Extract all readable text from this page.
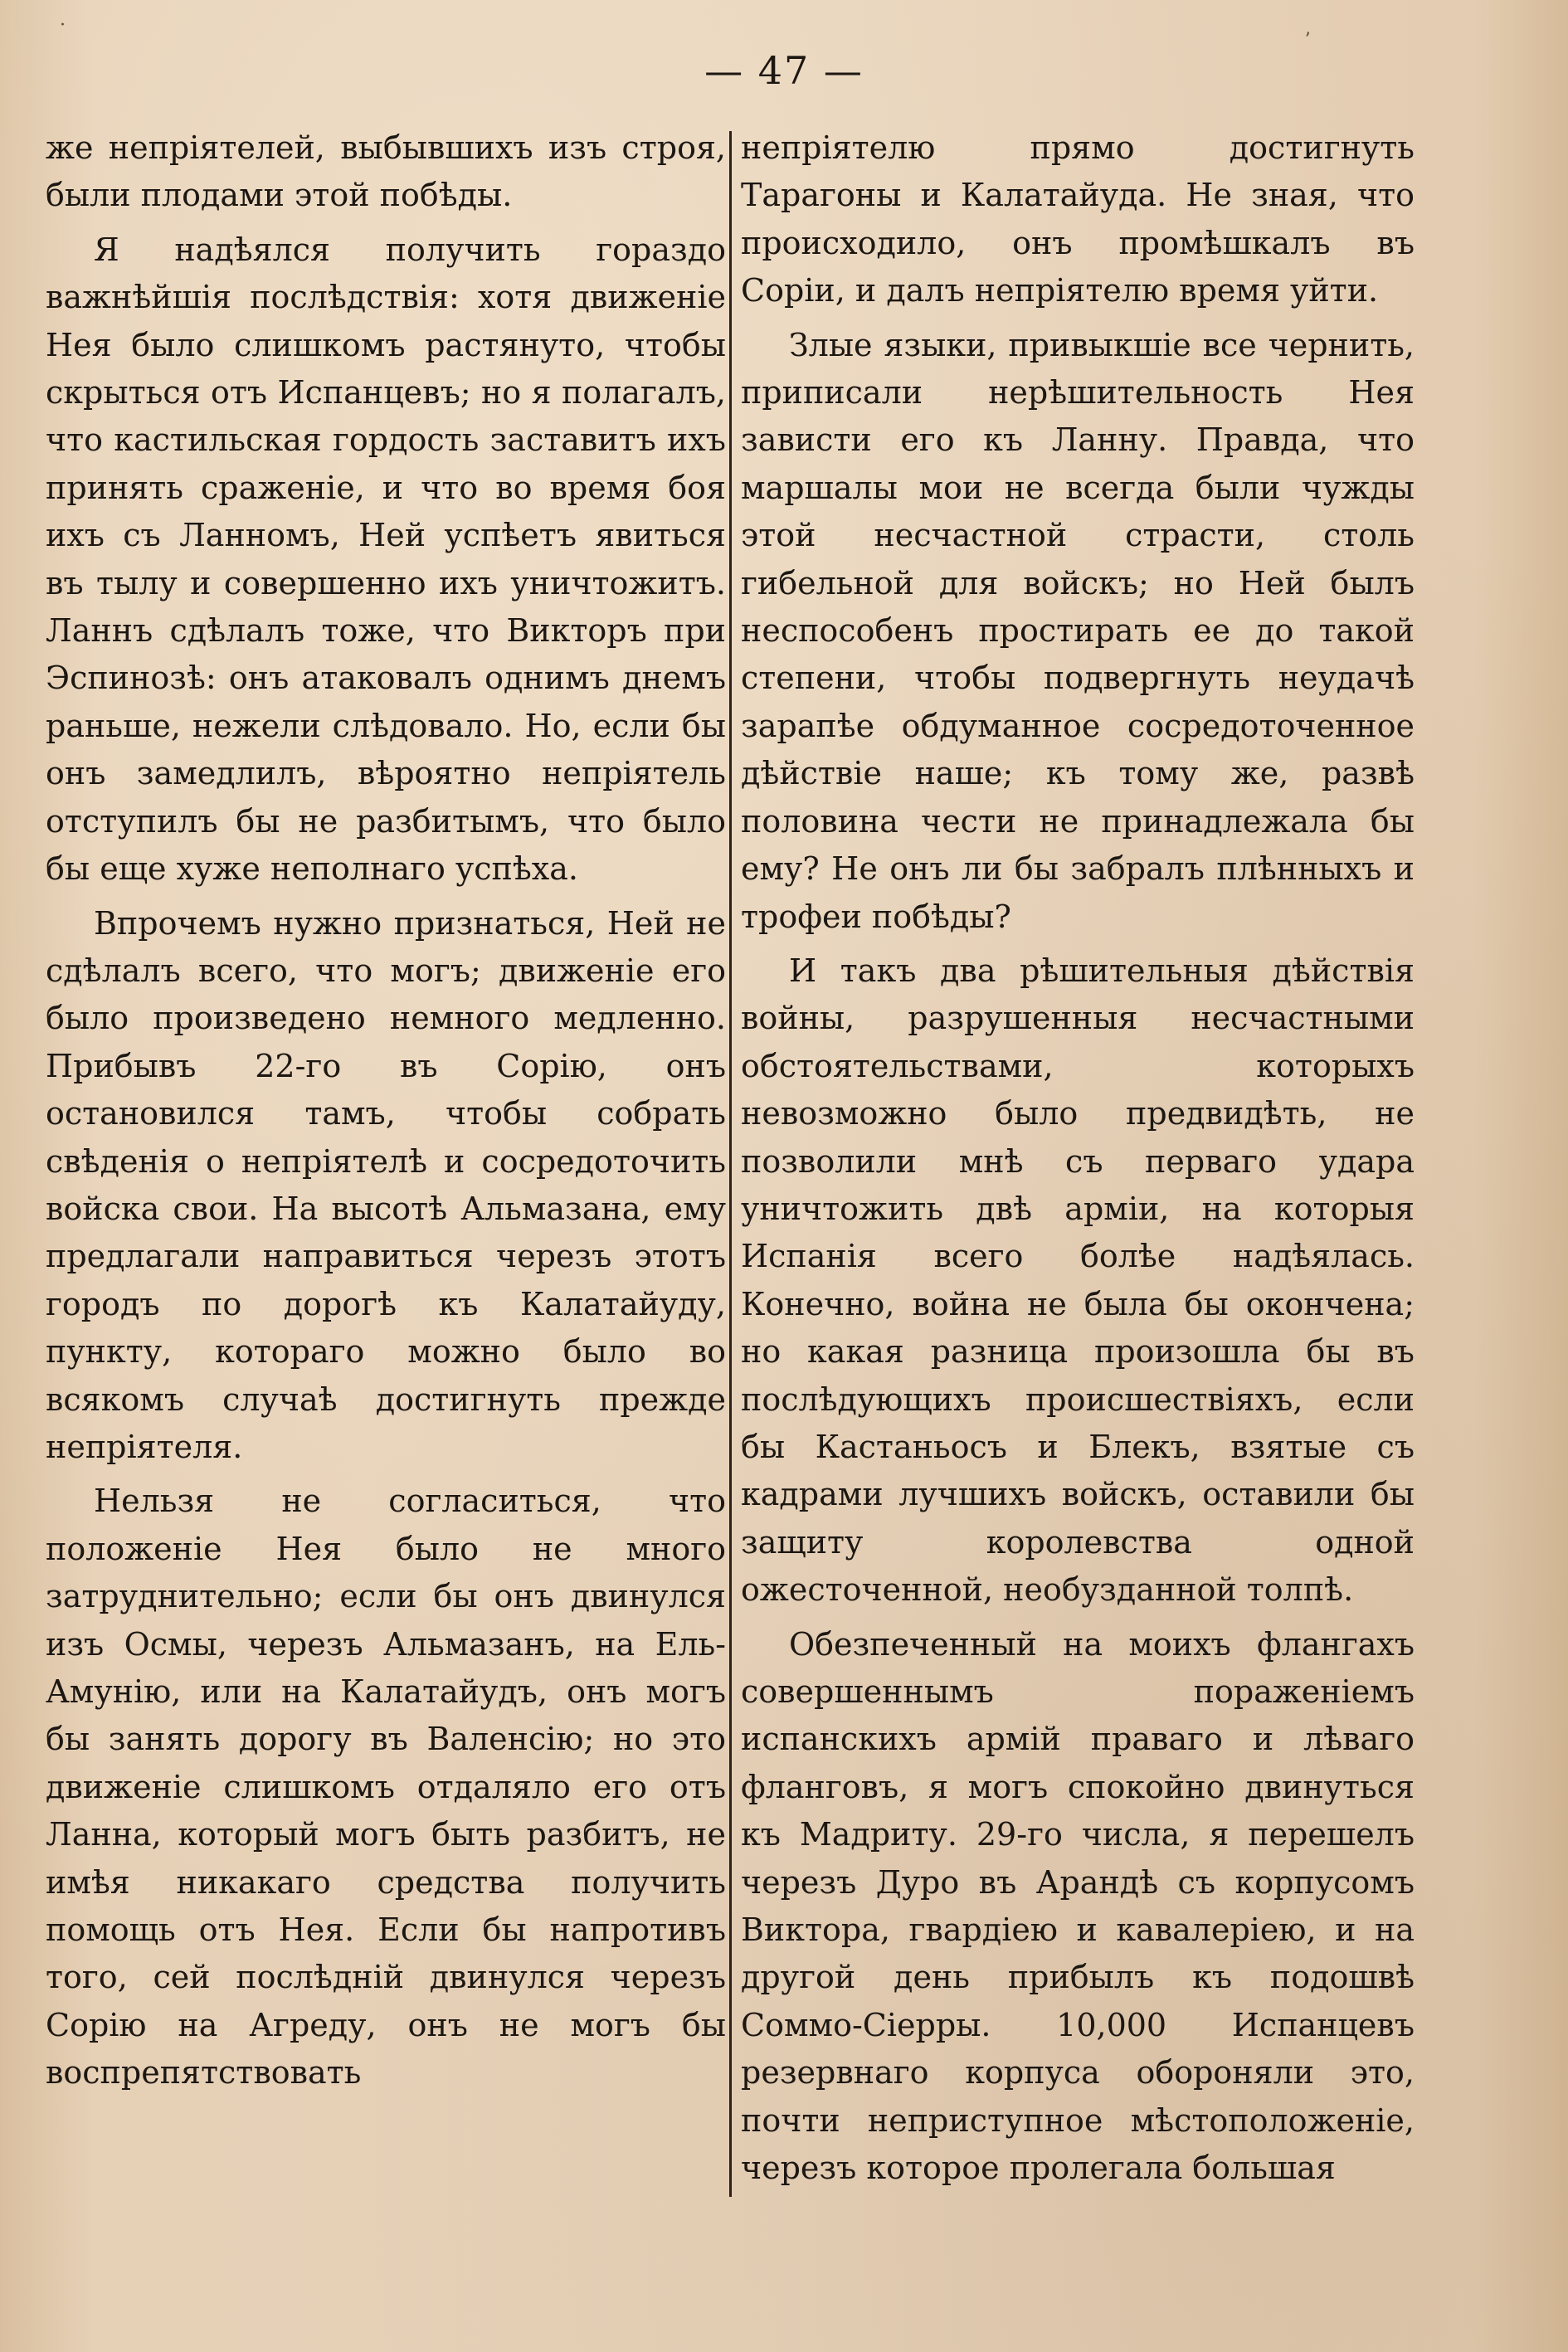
·
ʼ
— 47 —

же непріятелей, выбывшихъ изъ строя, были плодами этой побѣды.

Я надѣялся получить гораздо важнѣйшія послѣдствія: хотя движеніе Нея было слишкомъ растянуто, чтобы скрыться отъ Испанцевъ; но я полагалъ, что кастильская гордость заставитъ ихъ принять сраженіе, и что во время боя ихъ съ Ланномъ, Ней успѣетъ явиться въ тылу и совершенно ихъ уничтожитъ. Ланнъ сдѣлалъ тоже, что Викторъ при Эспинозѣ: онъ атаковалъ однимъ днемъ раньше, нежели слѣдовало. Но, если бы онъ замедлилъ, вѣроятно непріятель отступилъ бы не разбитымъ, что было бы еще хуже неполнаго успѣха.

Впрочемъ нужно признаться, Ней не сдѣлалъ всего, что могъ; движеніе его было произведено немного медленно. Прибывъ 22-го въ Сорію, онъ остановился тамъ, чтобы собрать свѣденія о непріятелѣ и сосредоточить войска свои. На высотѣ Альмазана, ему предлагали направиться черезъ этотъ городъ по дорогѣ къ Калатайуду, пункту, котораго можно было во всякомъ случаѣ достигнуть прежде непріятеля.

Нельзя не согласиться, что положеніе Нея было не много затруднительно; если бы онъ двинулся изъ Осмы, черезъ Альмазанъ, на Ель-Амунію, или на Калатайудъ, онъ могъ бы занять дорогу въ Валенсію; но это движеніе слишкомъ отдаляло его отъ Ланна, который могъ быть разбитъ, не имѣя никакаго средства получить помощь отъ Нея. Если бы напротивъ того, сей послѣдній двинулся черезъ Сорію на Агреду, онъ не могъ бы воспрепятствовать

непріятелю прямо достигнуть Тарагоны и Калатайуда. Не зная, что происходило, онъ промѣшкалъ въ Соріи, и далъ непріятелю время уйти.

Злые языки, привыкшіе все чернить, приписали нерѣшительность Нея зависти его къ Ланну. Правда, что маршалы мои не всегда были чужды этой несчастной страсти, столь гибельной для войскъ; но Ней былъ неспособенъ простирать ее до такой степени, чтобы подвергнуть неудачѣ зарапѣе обдуманное сосредоточенное дѣйствіе наше; къ тому же, развѣ половина чести не принадлежала бы ему? Не онъ ли бы забралъ плѣнныхъ и трофеи побѣды?

И такъ два рѣшительныя дѣйствія войны, разрушенныя несчастными обстоятельствами, которыхъ невозможно было предвидѣть, не позволили мнѣ съ перваго удара уничтожить двѣ арміи, на которыя Испанія всего болѣе надѣялась. Конечно, война не была бы окончена; но какая разница произошла бы въ послѣдующихъ происшествіяхъ, если бы Кастаньосъ и Блекъ, взятые съ кадрами лучшихъ войскъ, оставили бы защиту королевства одной ожесточенной, необузданной толпѣ.

Обезпеченный на моихъ флангахъ совершеннымъ пораженіемъ испанскихъ армій праваго и лѣваго фланговъ, я могъ спокойно двинуться къ Мадриту. 29-го числа, я перешелъ черезъ Дуро въ Арандѣ съ корпусомъ Виктора, гвардіею и кавалеріею, и на другой день прибылъ къ подошвѣ Соммо-Сіерры. 10,000 Испанцевъ резервнаго корпуса обороняли это, почти неприступное мѣстоположеніе, черезъ которое пролегала большая
